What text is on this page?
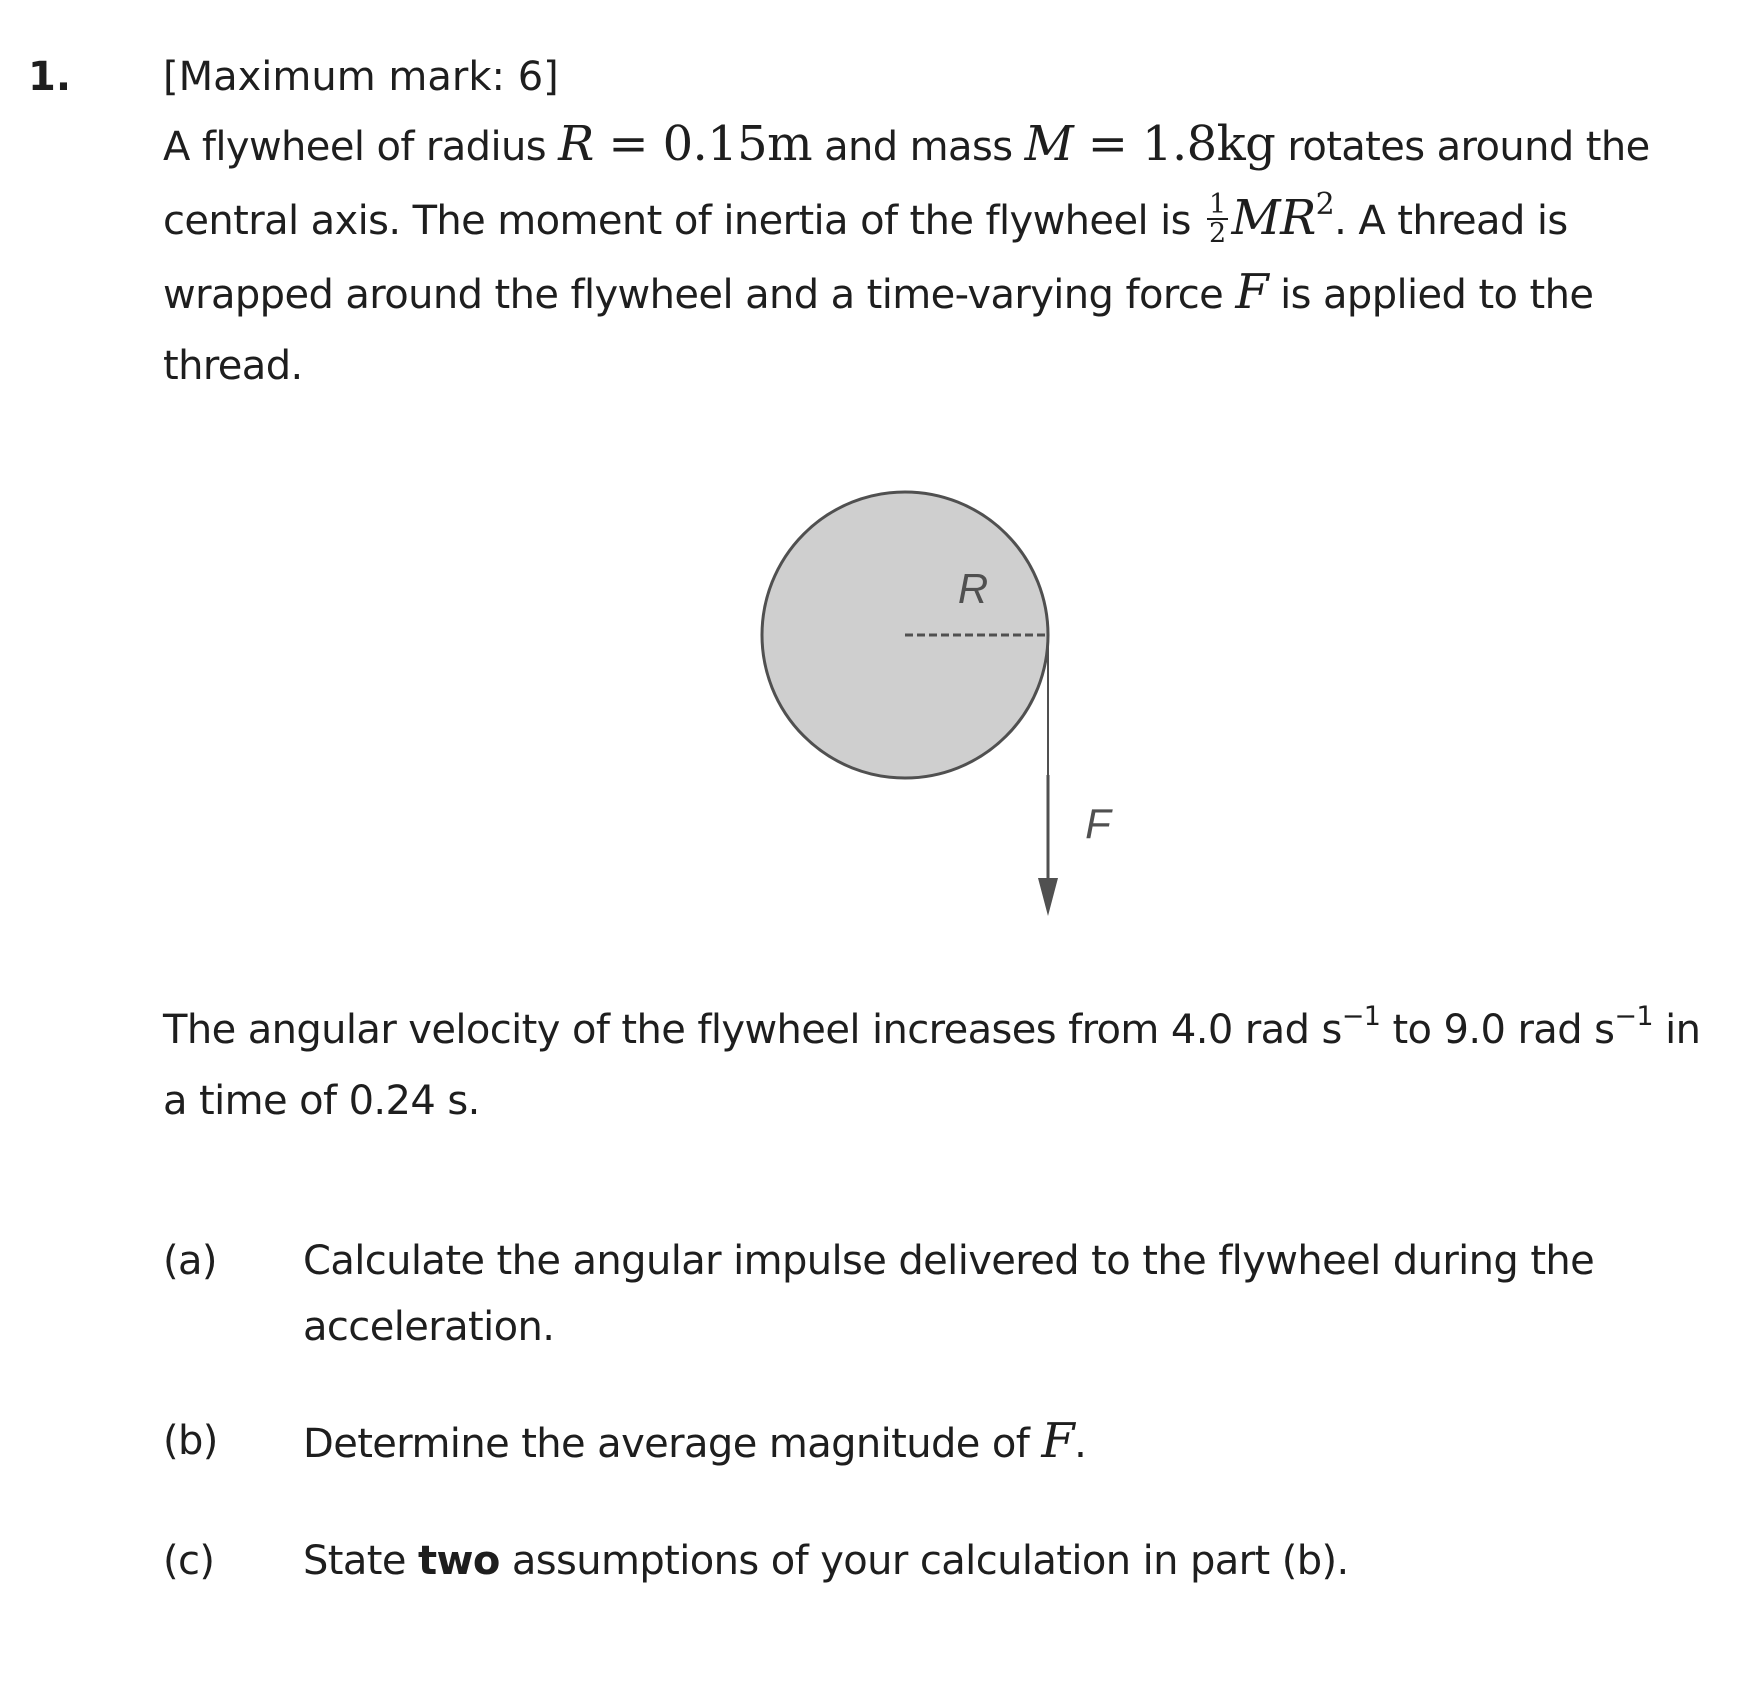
1. [Maximum mark: 6]
A flywheel of radius R = 0.15m and mass M = 1.8kg rotates around the central axis. The moment of inertia of the flywheel is $\frac{1}{2} MR^2$. A thread is wrapped around the flywheel and a time-varying force F is applied to the thread.
R
F
The angular velocity of the flywheel increases from 4.0 rad $s^{-1}$ to 9.0 rad $s^{-1}$ in a time of 0.24 s.
(a) Calculate the angular impulse delivered to the flywheel during the acceleration.
(b) Determine the average magnitude of F.
(c) State two assumptions of your calculation in part (b).
